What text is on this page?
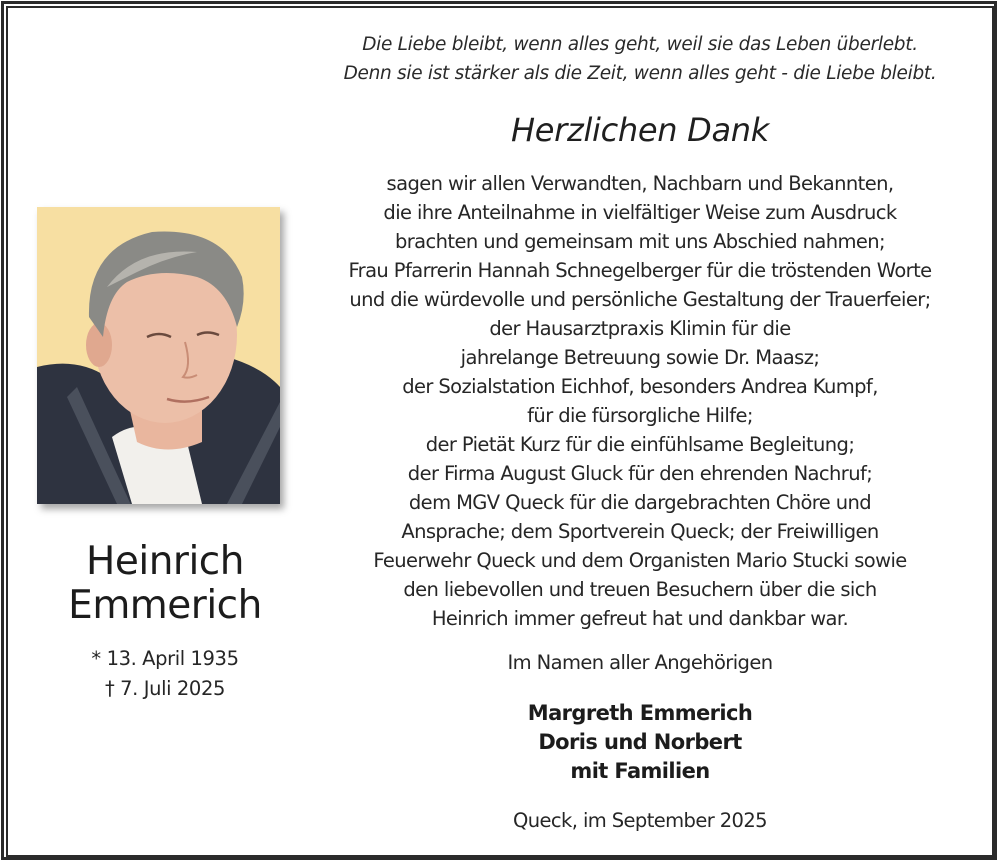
Die Liebe bleibt, wenn alles geht, weil sie das Leben überlebt.
Denn sie ist stärker als die Zeit, wenn alles geht - die Liebe bleibt.
Herzlichen Dank
sagen wir allen Verwandten, Nachbarn und Bekannten,
die ihre Anteilnahme in vielfältiger Weise zum Ausdruck
brachten und gemeinsam mit uns Abschied nahmen;
Frau Pfarrerin Hannah Schnegelberger für die tröstenden Worte
und die würdevolle und persönliche Gestaltung der Trauerfeier;
der Hausarztpraxis Klimin für die
jahrelange Betreuung sowie Dr. Maasz;
der Sozialstation Eichhof, besonders Andrea Kumpf,
für die fürsorgliche Hilfe;
der Pietät Kurz für die einfühlsame Begleitung;
der Firma August Gluck für den ehrenden Nachruf;
dem MGV Queck für die dargebrachten Chöre und
Ansprache; dem Sportverein Queck; der Freiwilligen
Feuerwehr Queck und dem Organisten Mario Stucki sowie
den liebevollen und treuen Besuchern über die sich
Heinrich immer gefreut hat und dankbar war.
Im Namen aller Angehörigen
Margreth Emmerich
Doris und Norbert
mit Familien
Queck, im September 2025
Heinrich
Emmerich
* 13. April 1935
† 7. Juli 2025
